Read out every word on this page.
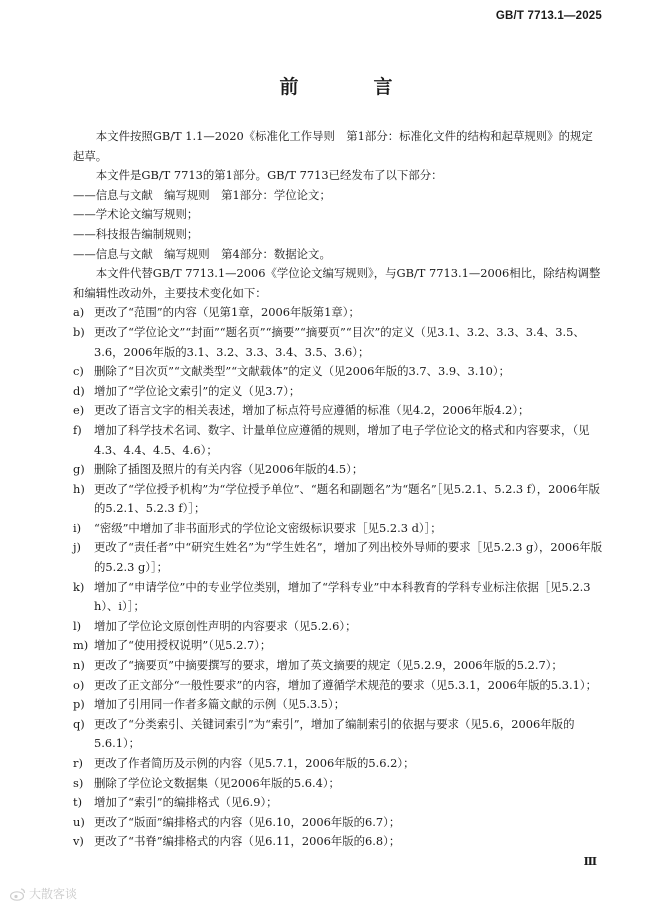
GB/T 7713.1—2025
前　言

本文件按照GB/T 1.1—2020《标准化工作导则　第1部分：标准化文件的结构和起草规则》的规定起草。

本文件是GB/T 7713的第1部分。GB/T 7713已经发布了以下部分：

——信息与文献　编写规则　第1部分：学位论文；

——学术论文编写规则；

——科技报告编制规则；

——信息与文献　编写规则　第4部分：数据论文。

本文件代替GB/T 7713.1—2006《学位论文编写规则》，与GB/T 7713.1—2006相比，除结构调整和编辑性改动外，主要技术变化如下：

a) 更改了“范围”的内容（见第1章，2006年版第1章）；
b) 更改了“学位论文”“封面”“题名页”“摘要”“摘要页”“目次”的定义（见3.1、3.2、3.3、3.4、3.5、3.6，2006年版的3.1、3.2、3.3、3.4、3.5、3.6）；
c) 删除了“目次页”“文献类型”“文献载体”的定义（见2006年版的3.7、3.9、3.10）；
d) 增加了“学位论文索引”的定义（见3.7）；
e) 更改了语言文字的相关表述，增加了标点符号应遵循的标准（见4.2，2006年版4.2）；
f)	增加了科学技术名词、数字、计量单位应遵循的规则，增加了电子学位论文的格式和内容要求，（见4.3、4.4、4.5、4.6）；
g) 删除了插图及照片的有关内容（见2006年版的4.5）；
h) 更改了“学位授予机构”为“学位授予单位”、“题名和副题名”为“题名”［见5.2.1、5.2.3 f），2006年版的5.2.1、5.2.3 f）］；
i)	“密级”中增加了非书面形式的学位论文密级标识要求［见5.2.3 d）］；
j)	更改了“责任者”中“研究生姓名”为“学生姓名”，增加了列出校外导师的要求［见5.2.3 g），2006年版的5.2.3 g）］；
k) 增加了“申请学位”中的专业学位类别，增加了“学科专业”中本科教育的学科专业标注依据［见5.2.3 h）、i）］；
l)	增加了学位论文原创性声明的内容要求（见5.2.6）；
m) 增加了“使用授权说明”（见5.2.7）；
n) 更改了“摘要页”中摘要撰写的要求，增加了英文摘要的规定（见5.2.9，2006年版的5.2.7）；
o) 更改了正文部分“一般性要求”的内容，增加了遵循学术规范的要求（见5.3.1，2006年版的5.3.1）；
p) 增加了引用同一作者多篇文献的示例（见5.3.5）；
q) 更改了“分类索引、关键词索引”为“索引”，增加了编制索引的依据与要求（见5.6，2006年版的5.6.1）；
r) 更改了作者简历及示例的内容（见5.7.1，2006年版的5.6.2）；
s) 删除了学位论文数据集（见2006年版的5.6.4）；
t)	增加了“索引”的编排格式（见6.9）；
u) 更改了“版面”编排格式的内容（见6.10，2006年版的6.7）；
v) 更改了“书脊”编排格式的内容（见6.11，2006年版的6.8）；
Ⅲ
大散客谈
